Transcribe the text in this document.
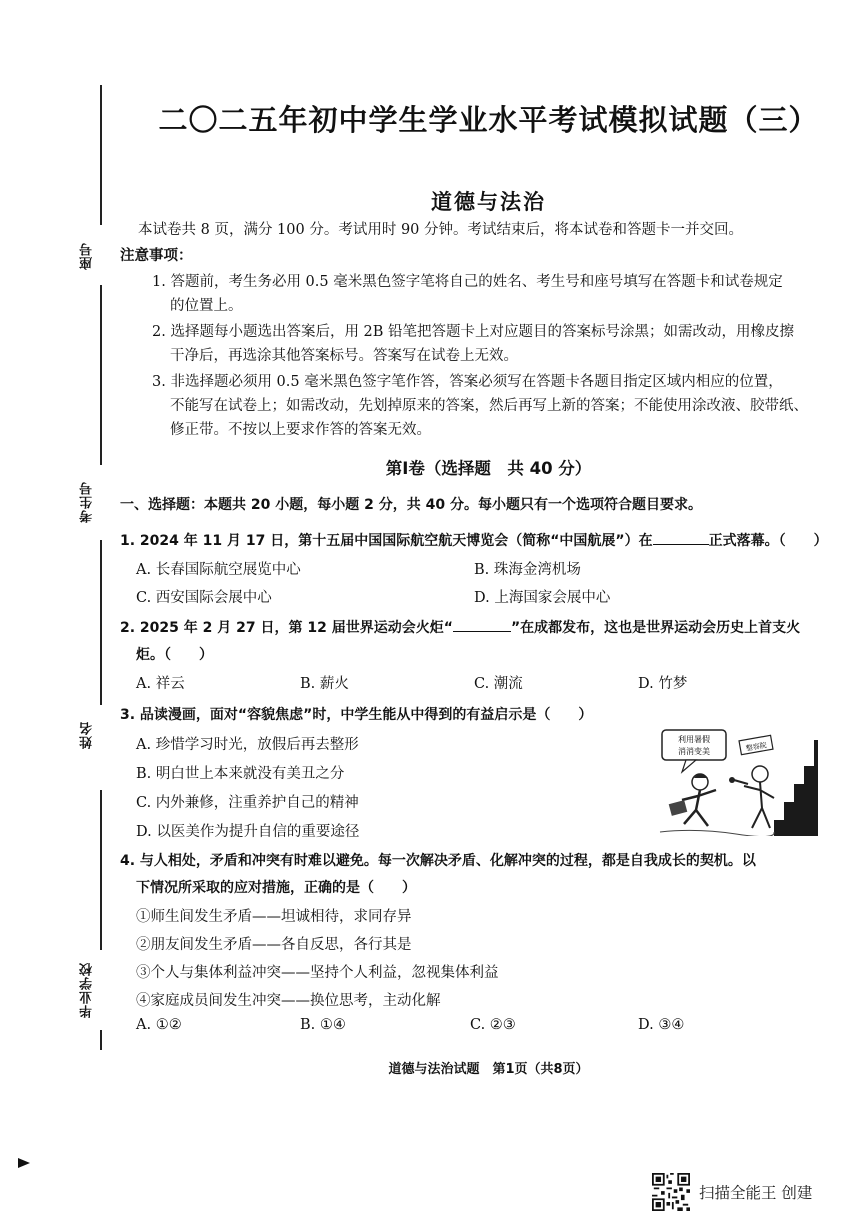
座号
考生号
姓名
毕业学校
二〇二五年初中学生学业水平考试模拟试题（三）
道德与法治
本试卷共 8 页，满分 100 分。考试用时 90 分钟。考试结束后，将本试卷和答题卡一并交回。
注意事项：
1. 答题前，考生务必用 0.5 毫米黑色签字笔将自己的姓名、考生号和座号填写在答题卡和试卷规定
的位置上。
2. 选择题每小题选出答案后，用 2B 铅笔把答题卡上对应题目的答案标号涂黑；如需改动，用橡皮擦
干净后，再选涂其他答案标号。答案写在试卷上无效。
3. 非选择题必须用 0.5 毫米黑色签字笔作答，答案必须写在答题卡各题目指定区域内相应的位置，
不能写在试卷上；如需改动，先划掉原来的答案，然后再写上新的答案；不能使用涂改液、胶带纸、
修正带。不按以上要求作答的答案无效。
第Ⅰ卷（选择题　共 40 分）
一、选择题：本题共 20 小题，每小题 2 分，共 40 分。每小题只有一个选项符合题目要求。
1. 2024 年 11 月 17 日，第十五届中国国际航空航天博览会（简称“中国航展”）在	正式落幕。（　　）
A. 长春国际航空展览中心	B. 珠海金湾机场
C. 西安国际会展中心	D. 上海国家会展中心
2. 2025 年 2 月 27 日，第 12 届世界运动会火炬“	”在成都发布，这也是世界运动会历史上首支火
炬。（　　）
A. 祥云	B. 薪火	C. 潮流	D. 竹梦
3. 品读漫画，面对“容貌焦虑”时，中学生能从中得到的有益启示是（　　）
A. 珍惜学习时光，放假后再去整形
B. 明白世上本来就没有美丑之分
C. 内外兼修，注重养护自己的精神
D. 以医美作为提升自信的重要途径
利用暑假
消消变美	整容院
4. 与人相处，矛盾和冲突有时难以避免。每一次解决矛盾、化解冲突的过程，都是自我成长的契机。以
下情况所采取的应对措施，正确的是（　　）
①师生间发生矛盾——坦诚相待，求同存异
②朋友间发生矛盾——各自反思，各行其是
③个人与集体利益冲突——坚持个人利益，忽视集体利益
④家庭成员间发生冲突——换位思考，主动化解
A. ①②	B. ①④	C. ②③	D. ③④
道德与法治试题　第1页（共8页）
扫描全能王 创建
